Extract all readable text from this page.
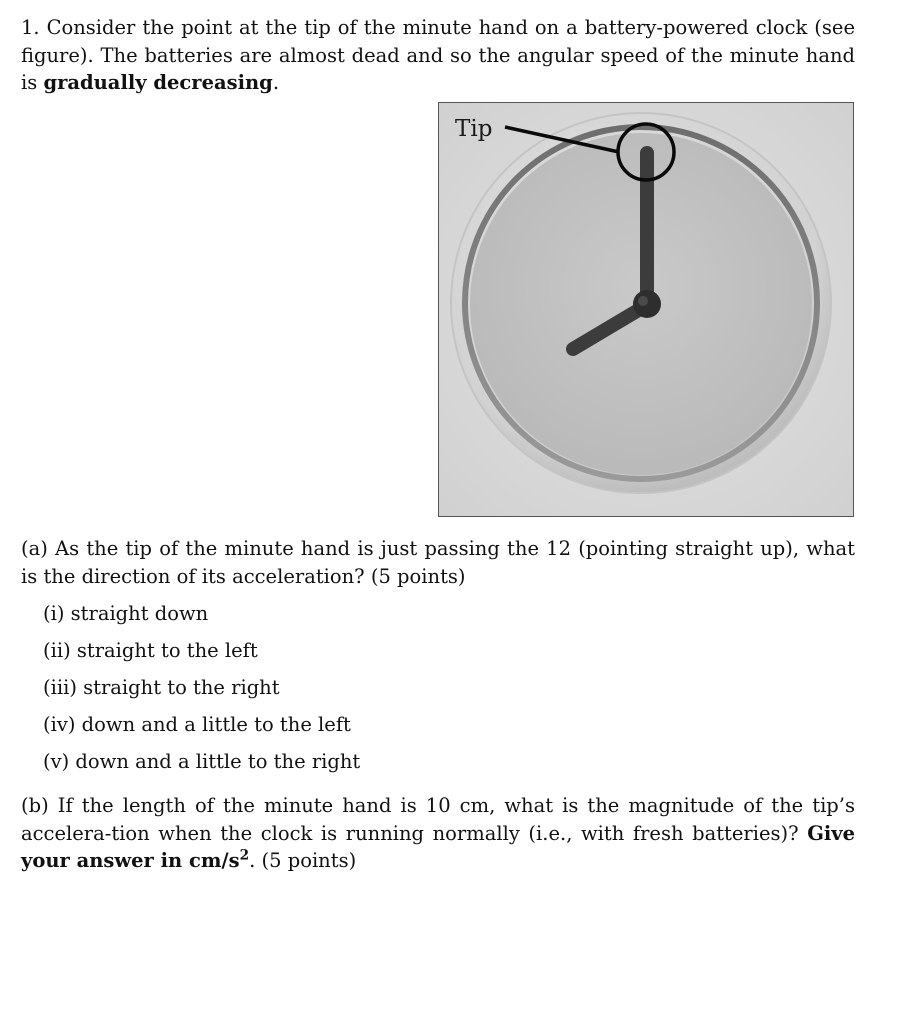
1. Consider the point at the tip of the minute hand on a battery-powered clock (see figure). The batteries are almost dead and so the angular speed of the minute hand is gradually decreasing.

Tip

(a) As the tip of the minute hand is just passing the 12 (pointing straight up), what is the direction of its acceleration? (5 points)

(i) straight down
(ii) straight to the left
(iii) straight to the right
(iv) down and a little to the left
(v) down and a little to the right

(b) If the length of the minute hand is 10 cm, what is the magnitude of the tip’s accelera-tion when the clock is running normally (i.e., with fresh batteries)? Give your answer in $cm/s^2$. (5 points)
